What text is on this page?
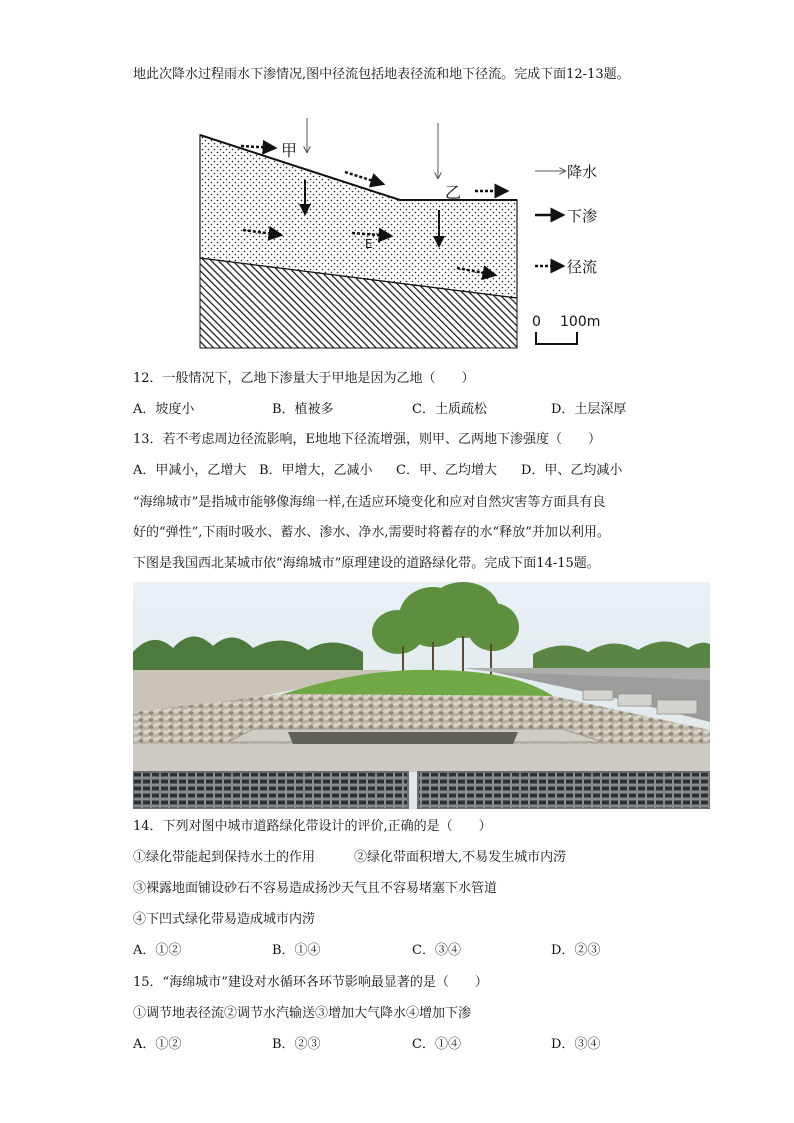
地此次降水过程雨水下渗情况,图中径流包括地表径流和地下径流。完成下面12-13题。
甲
乙
E
降水
下渗
径流
0 100m
12．一般情况下，乙地下渗量大于甲地是因为乙地（　　）
A．坡度小	B．植被多	C．土质疏松	D．土层深厚
13．若不考虑周边径流影响，E地地下径流增强，则甲、乙两地下渗强度（　　）
A．甲减小，乙增大 B．甲增大，乙减小 C．甲、乙均增大 D．甲、乙均减小
“海绵城市”是指城市能够像海绵一样,在适应环境变化和应对自然灾害等方面具有良
好的“弹性”,下雨时吸水、蓄水、渗水、净水,需要时将蓄存的水“释放”并加以利用。
下图是我国西北某城市依“海绵城市”原理建设的道路绿化带。完成下面14-15题。
14．下列对图中城市道路绿化带设计的评价,正确的是（　　）
①绿化带能起到保持水土的作用　　　②绿化带面积增大,不易发生城市内涝
③裸露地面铺设砂石不容易造成扬沙天气且不容易堵塞下水管道
④下凹式绿化带易造成城市内涝
A．①②	B．①④	C．③④	D．②③
15．“海绵城市”建设对水循环各环节影响最显著的是（　　）
①调节地表径流②调节水汽输送③增加大气降水④增加下渗
A．①②	B．②③	C．①④	D．③④
